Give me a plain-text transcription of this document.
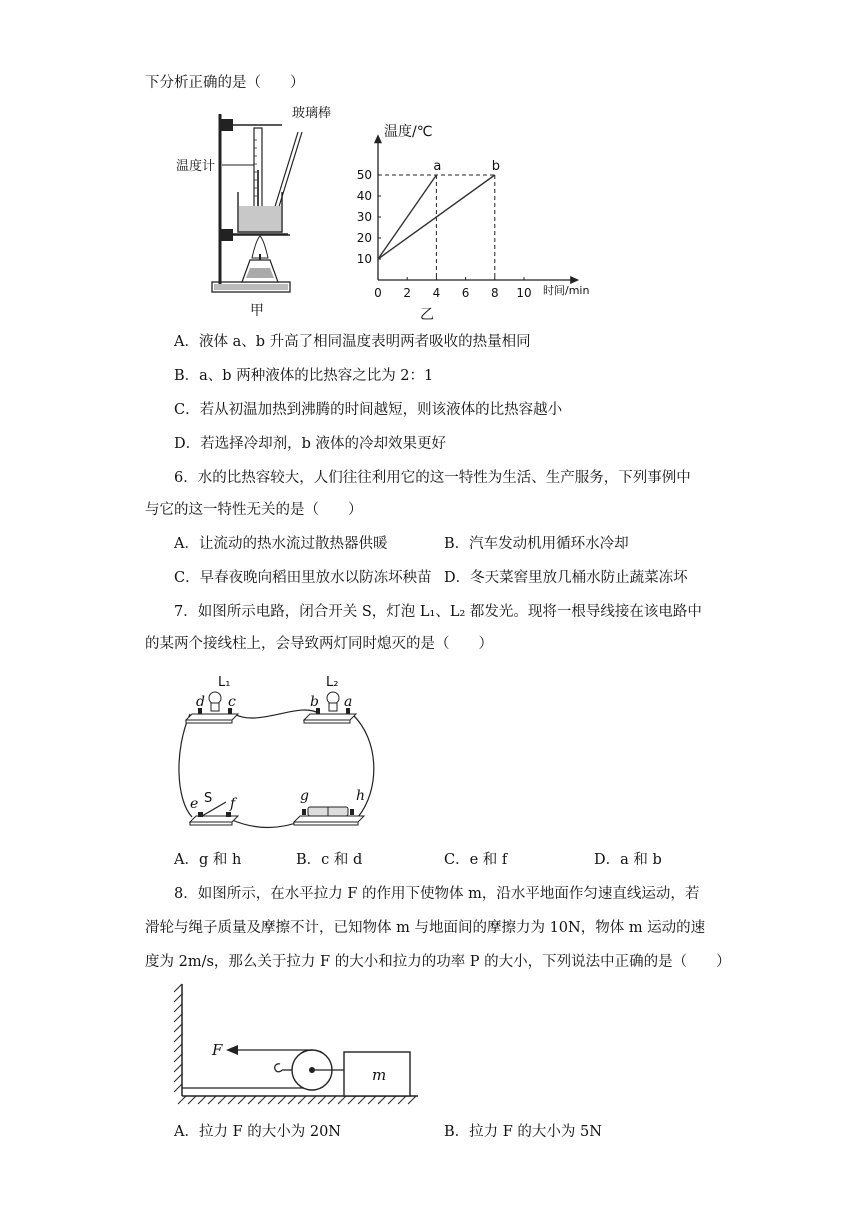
下分析正确的是（　　）
玻璃棒
温度计
甲
0 2 4 6 8 10
10
20
30
40
50
a	b
温度/℃
时间/min
乙
A．液体 a、b 升高了相同温度表明两者吸收的热量相同
B．a、b 两种液体的比热容之比为 2：1
C．若从初温加热到沸腾的时间越短，则该液体的比热容越小
D．若选择冷却剂，b 液体的冷却效果更好
6．水的比热容较大，人们往往利用它的这一特性为生活、生产服务，下列事例中
与它的这一特性无关的是（　　）
A．让流动的热水流过散热器供暖	B．汽车发动机用循环水冷却
C．早春夜晚向稻田里放水以防冻坏秧苗 D．冬天菜窖里放几桶水防止蔬菜冻坏
7．如图所示电路，闭合开关 S，灯泡 L₁、L₂ 都发光。现将一根导线接在该电路中
的某两个接线柱上，会导致两灯同时熄灭的是（　　）
L₁	L₂
d c	b a
S
e f	g	h
A．g 和 h	B．c 和 d	C．e 和 f	D．a 和 b
8．如图所示，在水平拉力 F 的作用下使物体 m，沿水平地面作匀速直线运动，若
滑轮与绳子质量及摩擦不计，已知物体 m 与地面间的摩擦力为 10N，物体 m 运动的速
度为 2m/s，那么关于拉力 F 的大小和拉力的功率 P 的大小，下列说法中正确的是（　　）
F
m
A．拉力 F 的大小为 20N	B．拉力 F 的大小为 5N
